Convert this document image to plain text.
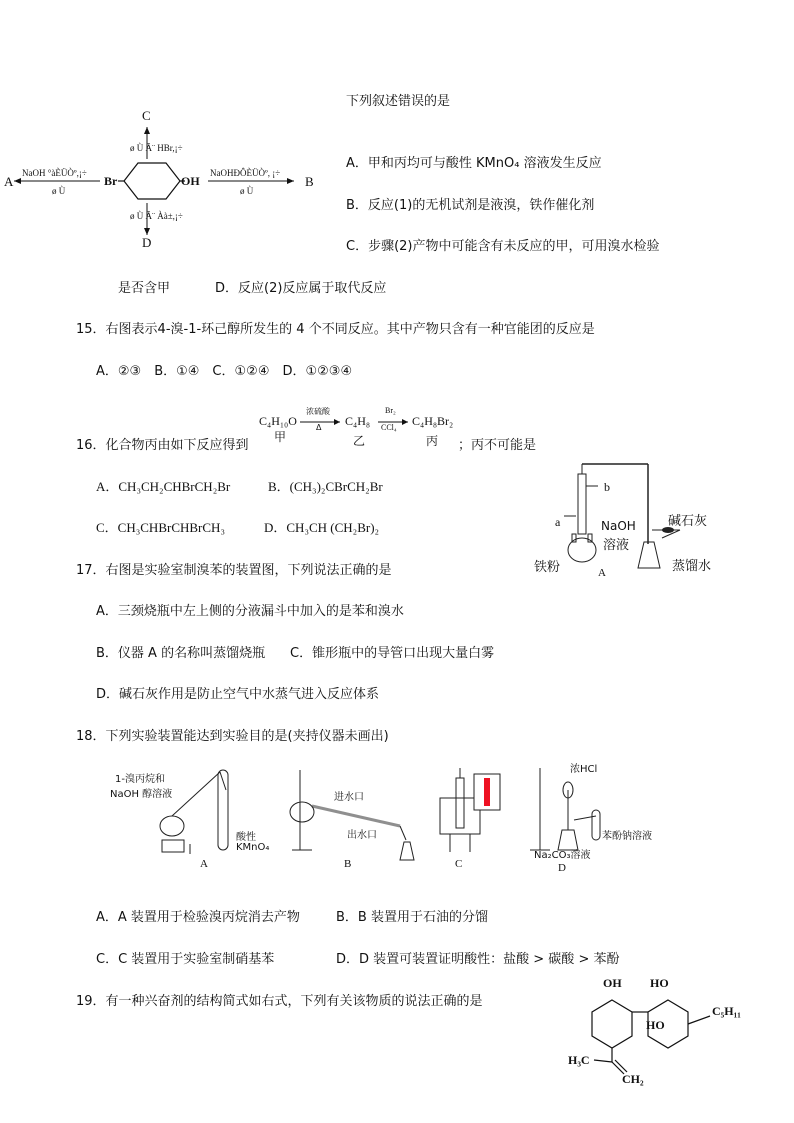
下列叙述错误的是
A．甲和丙均可与酸性 KMnO₄ 溶液发生反应
B．反应(1)的无机试剂是液溴，铁作催化剂
C．步骤(2)产物中可能含有未反应的甲，可用溴水检验
是否含甲	D．反应(2)反应属于取代反应
A	B
C
D
Br	OH
NaOH °àÈÜÒº,¡÷
ø Ù
NaOHÐÔÈÜÒº, ¡÷
ø Ù
ø Ù Ã¨ HBr,¡÷
ø Ù Ã¨ Àà±,¡÷
15．右图表示4-溴-1-环己醇所发生的 4 个不同反应。其中产物只含有一种官能团的反应是
A．②③　B．①④　C．①②④　D．①②③④
C₄H₁₀O	C₄H₈	C₄H₈Br₂
浓硫酸
Δ
Br₂
CCl₄
甲	乙	丙
16．化合物丙由如下反应得到	；丙不可能是
A．CH₃CH₂CHBrCH₂Br	B．(CH₃)₂CBrCH₂Br
C．CH₃CHBrCHBrCH₃	D．CH₃CH (CH₂Br)₂	a
b
NaOH
溶液
铁粉	A
碱石灰
蒸馏水
17．右图是实验室制溴苯的装置图，下列说法正确的是
A．三颈烧瓶中左上侧的分液漏斗中加入的是苯和溴水
B．仪器 A 的名称叫蒸馏烧瓶 C．锥形瓶中的导管口出现大量白雾
D．碱石灰作用是防止空气中水蒸气进入反应体系
18．下列实验装置能达到实验目的是(夹持仪器未画出)
1-溴丙烷和
NaOH 醇溶液
酸性
KMnO₄
进水口
出水口
浓HCl
苯酚钠溶液
Na₂CO₃溶液
A	B	C	D
A．A 装置用于检验溴丙烷消去产物	B．B 装置用于石油的分馏
C．C 装置用于实验室制硝基苯	D．D 装置可装置证明酸性：盐酸 > 碳酸 > 苯酚
19．有一种兴奋剂的结构简式如右式，下列有关该物质的说法正确的是
OH HO
HO
C₅H₁₁
H₃C
CH₂
